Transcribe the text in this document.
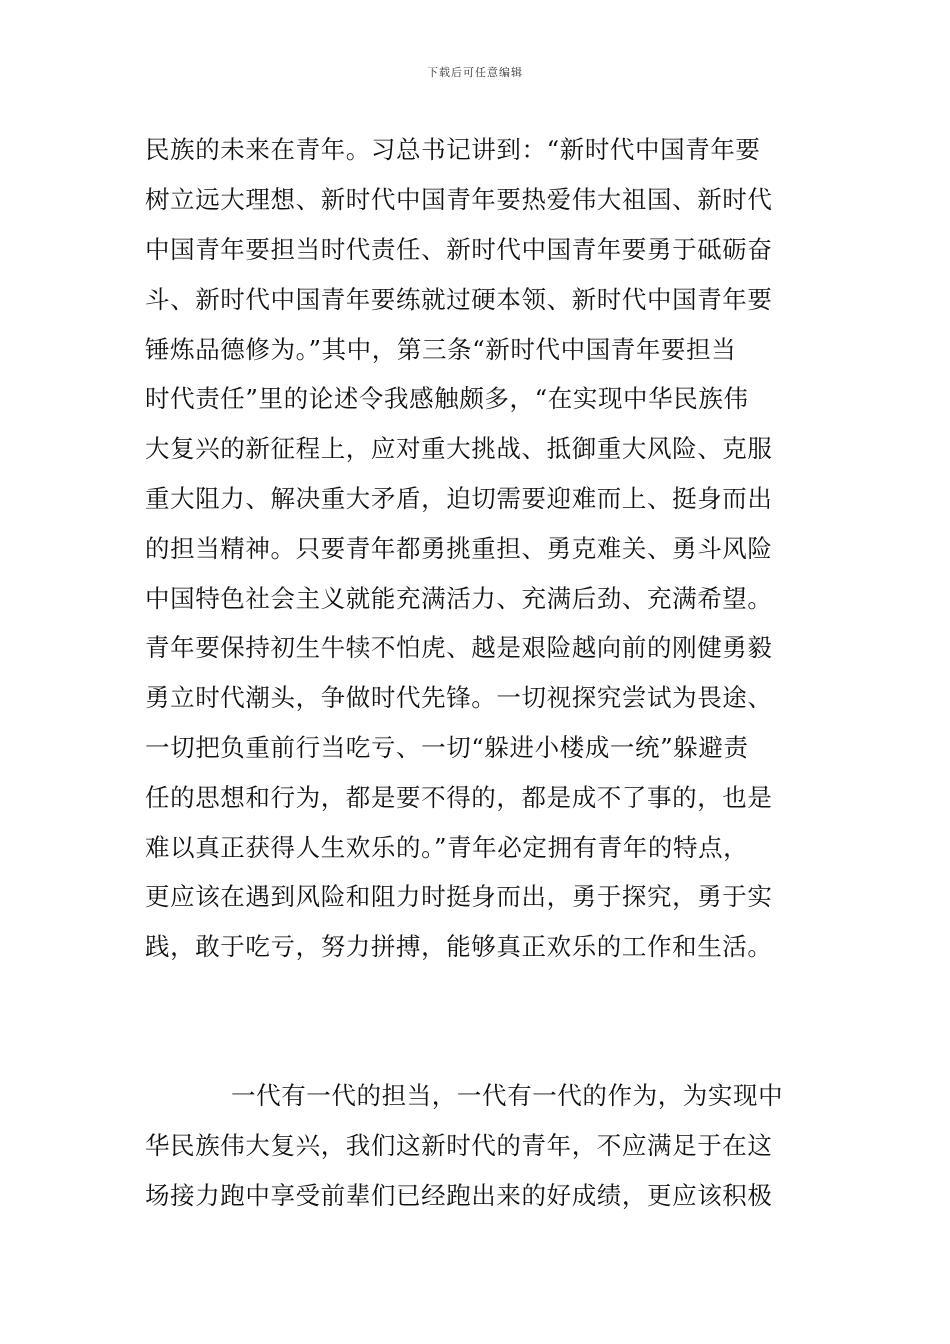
下载后可任意编辑
民族的未来在青年。习总书记讲到：“新时代中国青年要
树立远大理想、新时代中国青年要热爱伟大祖国、新时代
中国青年要担当时代责任、新时代中国青年要勇于砥砺奋
斗、新时代中国青年要练就过硬本领、新时代中国青年要
锤炼品德修为。”其中，第三条“新时代中国青年要担当
时代责任”里的论述令我感触颇多，“在实现中华民族伟
大复兴的新征程上，应对重大挑战、抵御重大风险、克服
重大阻力、解决重大矛盾，迫切需要迎难而上、挺身而出
的担当精神。只要青年都勇挑重担、勇克难关、勇斗风险
中国特色社会主义就能充满活力、充满后劲、充满希望。
青年要保持初生牛犊不怕虎、越是艰险越向前的刚健勇毅
勇立时代潮头，争做时代先锋。一切视探究尝试为畏途、
一切把负重前行当吃亏、一切“躲进小楼成一统”躲避责
任的思想和行为，都是要不得的，都是成不了事的，也是
难以真正获得人生欢乐的。”青年必定拥有青年的特点，
更应该在遇到风险和阻力时挺身而出，勇于探究，勇于实
践，敢于吃亏，努力拼搏，能够真正欢乐的工作和生活。
一代有一代的担当，一代有一代的作为，为实现中
华民族伟大复兴，我们这新时代的青年，不应满足于在这
场接力跑中享受前辈们已经跑出来的好成绩，更应该积极
